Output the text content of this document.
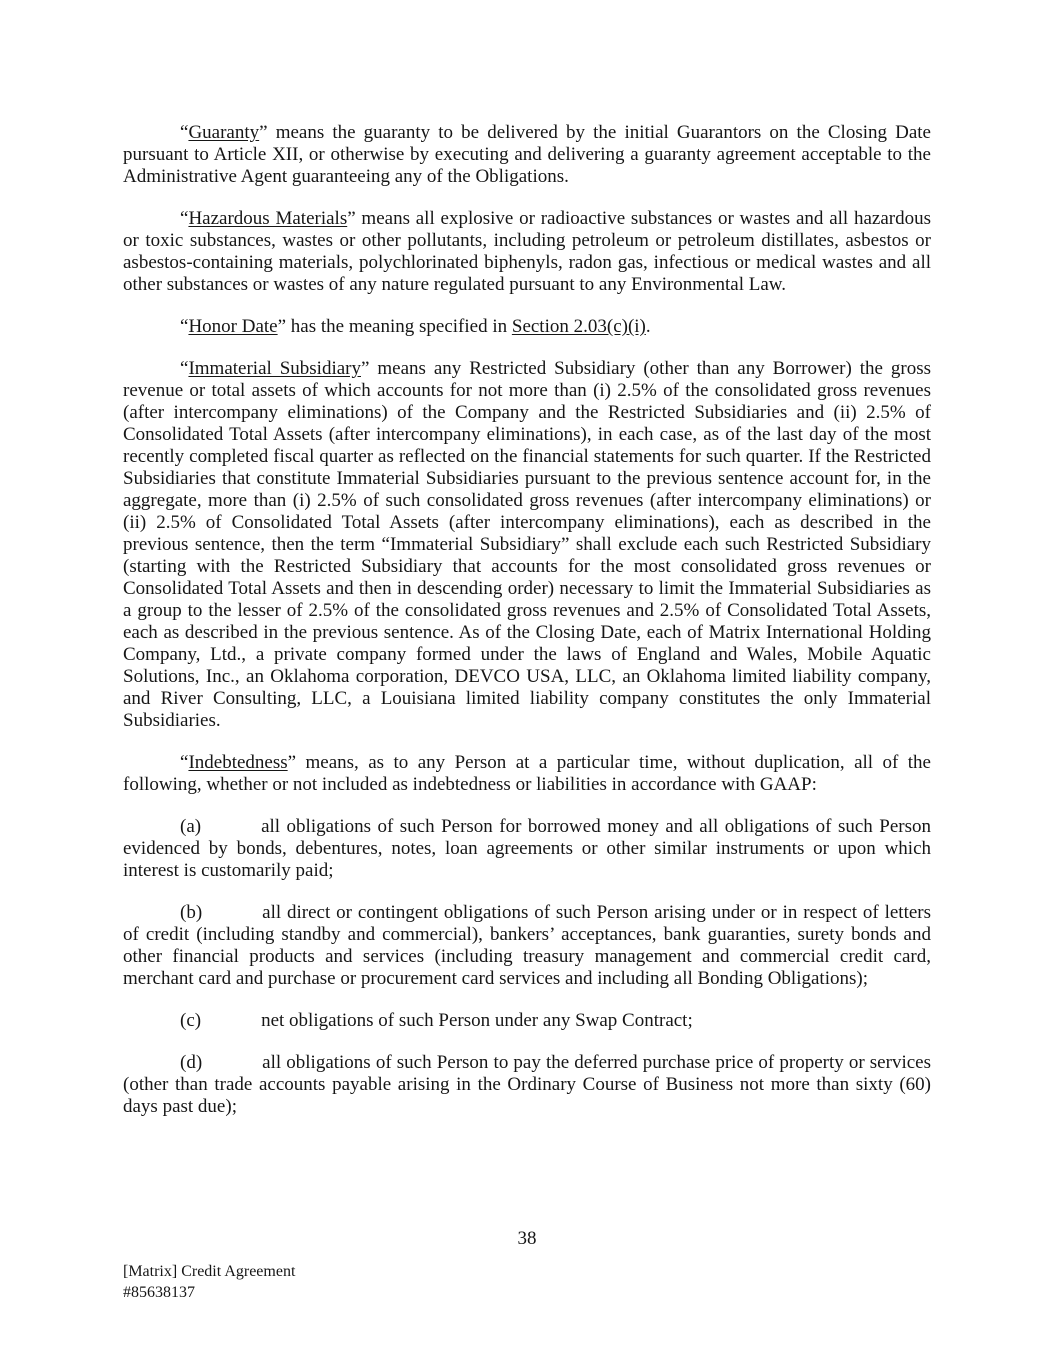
“Guaranty” means the guaranty to be delivered by the initial Guarantors on the Closing Date pursuant to Article XII, or otherwise by executing and delivering a guaranty agreement acceptable to the Administrative Agent guaranteeing any of the Obligations.

“Hazardous Materials” means all explosive or radioactive substances or wastes and all hazardous or toxic substances, wastes or other pollutants, including petroleum or petroleum distillates, asbestos or asbestos-containing materials, polychlorinated biphenyls, radon gas, infectious or medical wastes and all other substances or wastes of any nature regulated pursuant to any Environmental Law.

“Honor Date” has the meaning specified in Section 2.03(c)(i).

“Immaterial Subsidiary” means any Restricted Subsidiary (other than any Borrower) the gross revenue or total assets of which accounts for not more than (i) 2.5% of the consolidated gross revenues (after intercompany eliminations) of the Company and the Restricted Subsidiaries and (ii) 2.5% of Consolidated Total Assets (after intercompany eliminations), in each case, as of the last day of the most recently completed fiscal quarter as reflected on the financial statements for such quarter. If the Restricted Subsidiaries that constitute Immaterial Subsidiaries pursuant to the previous sentence account for, in the aggregate, more than (i) 2.5% of such consolidated gross revenues (after intercompany eliminations) or (ii) 2.5% of Consolidated Total Assets (after intercompany eliminations), each as described in the previous sentence, then the term “Immaterial Subsidiary” shall exclude each such Restricted Subsidiary (starting with the Restricted Subsidiary that accounts for the most consolidated gross revenues or Consolidated Total Assets and then in descending order) necessary to limit the Immaterial Subsidiaries as a group to the lesser of 2.5% of the consolidated gross revenues and 2.5% of Consolidated Total Assets, each as described in the previous sentence. As of the Closing Date, each of Matrix International Holding Company, Ltd., a private company formed under the laws of England and Wales, Mobile Aquatic Solutions, Inc., an Oklahoma corporation, DEVCO USA, LLC, an Oklahoma limited liability company, and River Consulting, LLC, a Louisiana limited liability company constitutes the only Immaterial Subsidiaries.

“Indebtedness” means, as to any Person at a particular time, without duplication, all of the following, whether or not included as indebtedness or liabilities in accordance with GAAP:

(a)	all obligations of such Person for borrowed money and all obligations of such Person evidenced by bonds, debentures, notes, loan agreements or other similar instruments or upon which interest is customarily paid;

(b)	all direct or contingent obligations of such Person arising under or in respect of letters of credit (including standby and commercial), bankers’ acceptances, bank guaranties, surety bonds and other financial products and services (including treasury management and commercial credit card, merchant card and purchase or procurement card services and including all Bonding Obligations);

(c)	net obligations of such Person under any Swap Contract;

(d)	all obligations of such Person to pay the deferred purchase price of property or services (other than trade accounts payable arising in the Ordinary Course of Business not more than sixty (60) days past due);

38
[Matrix] Credit Agreement
#85638137
